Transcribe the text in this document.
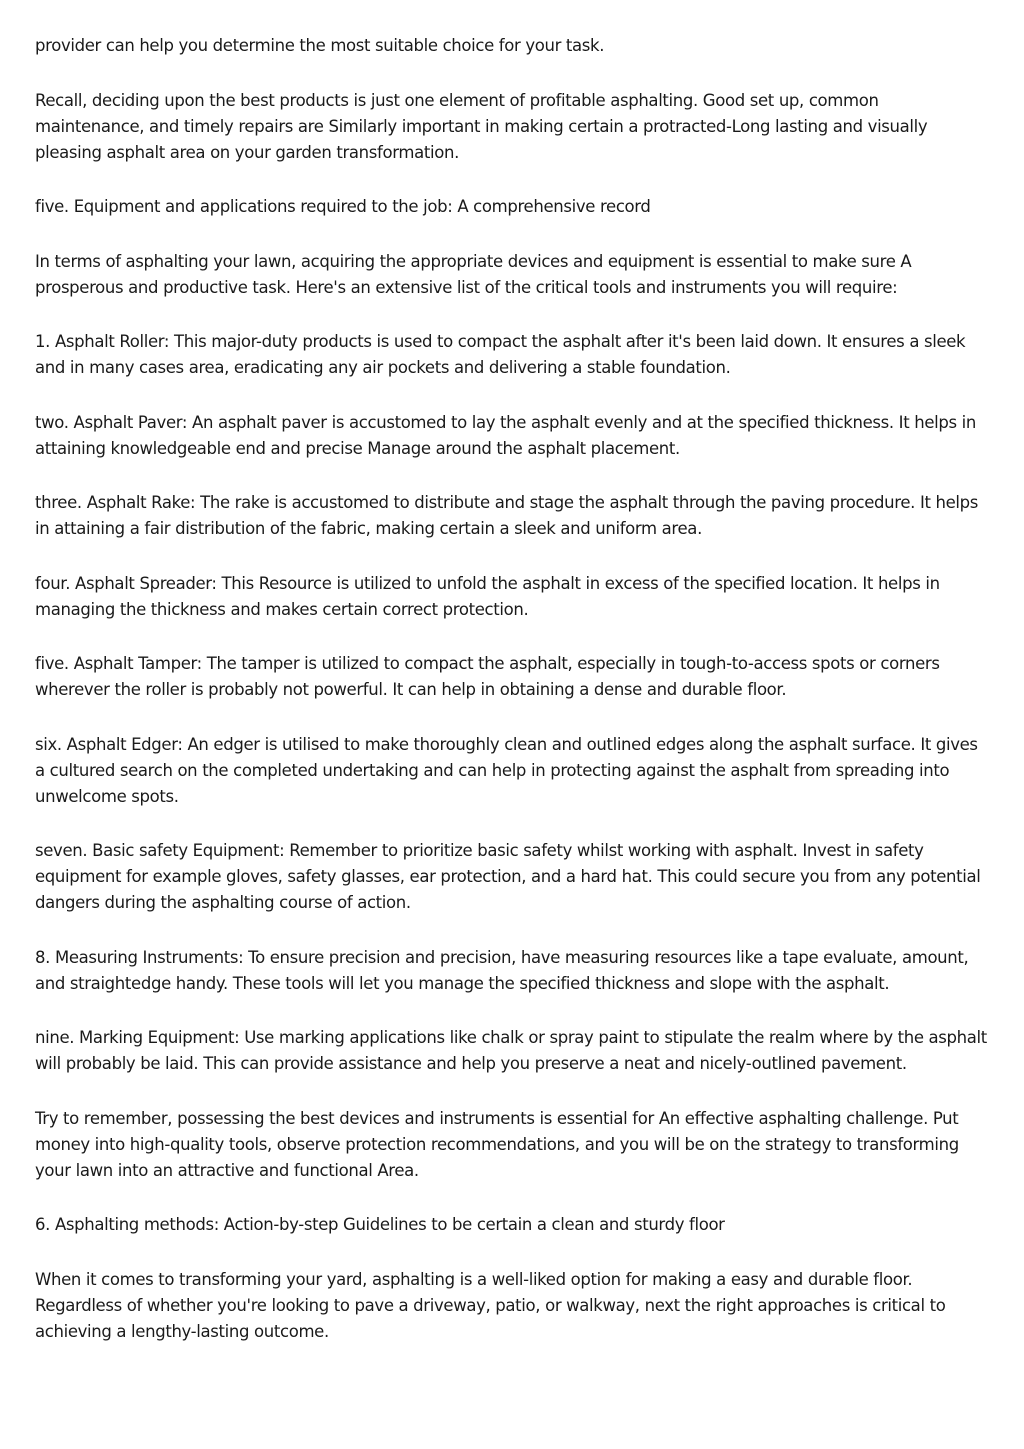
provider can help you determine the most suitable choice for your task.

Recall, deciding upon the best products is just one element of profitable asphalting. Good set up, common maintenance, and timely repairs are Similarly important in making certain a protracted-Long lasting and visually pleasing asphalt area on your garden transformation.

five. Equipment and applications required to the job: A comprehensive record

In terms of asphalting your lawn, acquiring the appropriate devices and equipment is essential to make sure A prosperous and productive task. Here's an extensive list of the critical tools and instruments you will require:

1. Asphalt Roller: This major-duty products is used to compact the asphalt after it's been laid down. It ensures a sleek and in many cases area, eradicating any air pockets and delivering a stable foundation.

two. Asphalt Paver: An asphalt paver is accustomed to lay the asphalt evenly and at the specified thickness. It helps in attaining knowledgeable end and precise Manage around the asphalt placement.

three. Asphalt Rake: The rake is accustomed to distribute and stage the asphalt through the paving procedure. It helps in attaining a fair distribution of the fabric, making certain a sleek and uniform area.

four. Asphalt Spreader: This Resource is utilized to unfold the asphalt in excess of the specified location. It helps in managing the thickness and makes certain correct protection.

five. Asphalt Tamper: The tamper is utilized to compact the asphalt, especially in tough-to-access spots or corners wherever the roller is probably not powerful. It can help in obtaining a dense and durable floor.

six. Asphalt Edger: An edger is utilised to make thoroughly clean and outlined edges along the asphalt surface. It gives a cultured search on the completed undertaking and can help in protecting against the asphalt from spreading into unwelcome spots.

seven. Basic safety Equipment: Remember to prioritize basic safety whilst working with asphalt. Invest in safety equipment for example gloves, safety glasses, ear protection, and a hard hat. This could secure you from any potential dangers during the asphalting course of action.

8. Measuring Instruments: To ensure precision and precision, have measuring resources like a tape evaluate, amount, and straightedge handy. These tools will let you manage the specified thickness and slope with the asphalt.

nine. Marking Equipment: Use marking applications like chalk or spray paint to stipulate the realm where by the asphalt will probably be laid. This can provide assistance and help you preserve a neat and nicely-outlined pavement.

Try to remember, possessing the best devices and instruments is essential for An effective asphalting challenge. Put money into high-quality tools, observe protection recommendations, and you will be on the strategy to transforming your lawn into an attractive and functional Area.

6. Asphalting methods: Action-by-step Guidelines to be certain a clean and sturdy floor

When it comes to transforming your yard, asphalting is a well-liked option for making a easy and durable floor. Regardless of whether you're looking to pave a driveway, patio, or walkway, next the right approaches is critical to achieving a lengthy-lasting outcome.
